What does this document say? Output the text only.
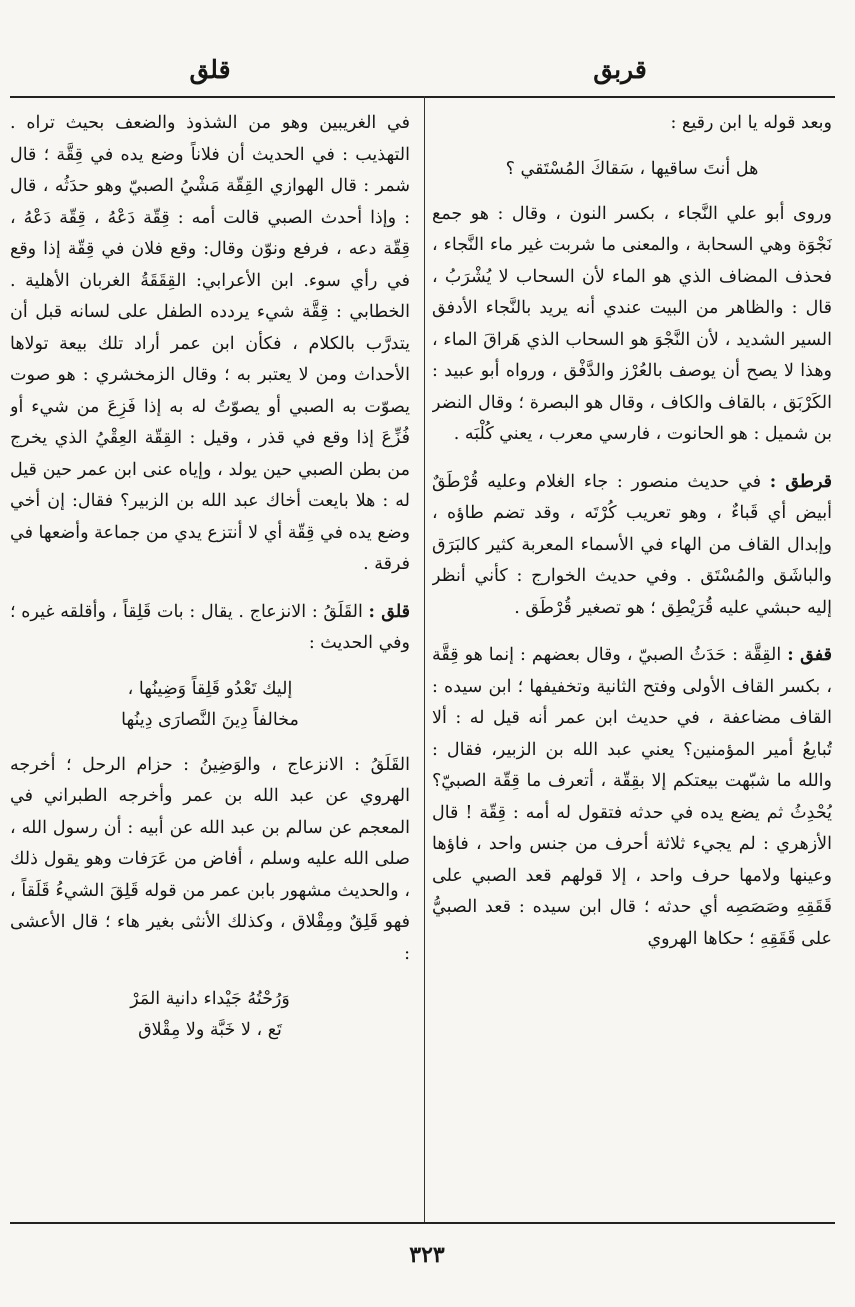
قلق	قربق

وبعد قوله يا ابن رقيع :

هل أنتَ ساقيها ، سَقاكَ المُسْتَقي ؟

وروى أبو علي النَّجاء ، بكسر النون ، وقال : هو جمع نَجْوَة وهي السحابة ، والمعنى ما شربت غير ماء النَّجاء ، فحذف المضاف الذي هو الماء لأن السحاب لا يُشْرَبُ ، قال : والظاهر من البيت عندي أنه يريد بالنَّجاء الأدفق السير الشديد ، لأن النَّجْوَ هو السحاب الذي هَراقَ الماء ، وهذا لا يصح أن يوصف بالعُرْز والدَّفْق ، ورواه أبو عبيد : الكَرْبَق ، بالقاف والكاف ، وقال هو البصرة ؛ وقال النضر بن شميل : هو الحانوت ، فارسي معرب ، يعني كُلْبَه .

قرطق : في حديث منصور : جاء الغلام وعليه قُرْطَقٌ أبيض أي قَباءٌ ، وهو تعريب كُرْتَه ، وقد تضم طاؤه ، وإبدال القاف من الهاء في الأسماء المعربة كثير كالبَرَق والباشَق والمُسْتَق . وفي حديث الخوارج : كأني أنظر إليه حبشي عليه قُرَيْطِق ؛ هو تصغير قُرْطَق .

قفق : القِقَّة : حَدَثُ الصبيّ ، وقال بعضهم : إنما هو قِقَّة ، بكسر القاف الأولى وفتح الثانية وتخفيفها ؛ ابن سيده : القاف مضاعفة ، في حديث ابن عمر أنه قيل له : ألا تُبايعُ أمير المؤمنين؟ يعني عبد الله بن الزبير، فقال : والله ما شبّهت بيعتكم إلا بقِقّة ، أتعرف ما قِقّة الصبيّ؟ يُحْدِثُ ثم يضع يده في حدثه فتقول له أمه : قِقّة ! قال الأزهري : لم يجيء ثلاثة أحرف من جنس واحد ، فاؤها وعينها ولامها حرف واحد ، إلا قولهم قعد الصبي على قَقَقِهِ وصَصَصِه أي حدثه ؛ قال ابن سيده : قعد الصبيُّ على قَقَقِهِ ؛ حكاها الهروي

في الغريبين وهو من الشذوذ والضعف بحيث تراه . التهذيب : في الحديث أن فلاناً وضع يده في قِقَّة ؛ قال شمر : قال الهوازي القِقّة مَشْيُ الصبيّ وهو حدَثُه ، قال : وإذا أحدث الصبي قالت أمه : قِقّة دَعْهُ ، قِقّة دَعْهُ ، قِقّة دعه ، فرفع ونوّن وقال: وقع فلان في قِقّة إذا وقع في رأي سوء. ابن الأعرابي: القِقَقَةُ الغربان الأهلية . الخطابي : قِقَّة شيء يردده الطفل على لسانه قبل أن يتدرَّب بالكلام ، فكأن ابن عمر أراد تلك بيعة تولاها الأحداث ومن لا يعتبر به ؛ وقال الزمخشري : هو صوت يصوّت به الصبي أو يصوّتُ له به إذا فَزِعَ من شيء أو فُزِّعَ إذا وقع في قذر ، وقيل : القِقّة العِقْيُ الذي يخرج من بطن الصبي حين يولد ، وإياه عنى ابن عمر حين قيل له : هلا بايعت أخاك عبد الله بن الزبير؟ فقال: إن أخي وضع يده في قِقّة أي لا أنتزع يدي من جماعة وأضعها في فرقة .

قلق : القَلَقُ : الانزعاج . يقال : بات قَلِقاً ، وأقلقه غيره ؛ وفي الحديث :

إليك تَعْدُو قَلِقاً وَضِينُها ،
مخالفاً دِينَ النَّصارَى دِينُها

القَلَقُ : الانزعاج ، والوَضِينُ : حزام الرحل ؛ أخرجه الهروي عن عبد الله بن عمر وأخرجه الطبراني في المعجم عن سالم بن عبد الله عن أبيه : أن رسول الله ، صلى الله عليه وسلم ، أفاض من عَرَفات وهو يقول ذلك ، والحديث مشهور بابن عمر من قوله قَلِقَ الشيءُ قَلَقاً ، فهو قَلِقٌ ومِقْلاق ، وكذلك الأنثى بغير هاء ؛ قال الأعشى :

وَرُحْتُهُ جَيْداء دانية المَرْ
تَع ، لا خَبَّة ولا مِقْلاق
٣٢٣
